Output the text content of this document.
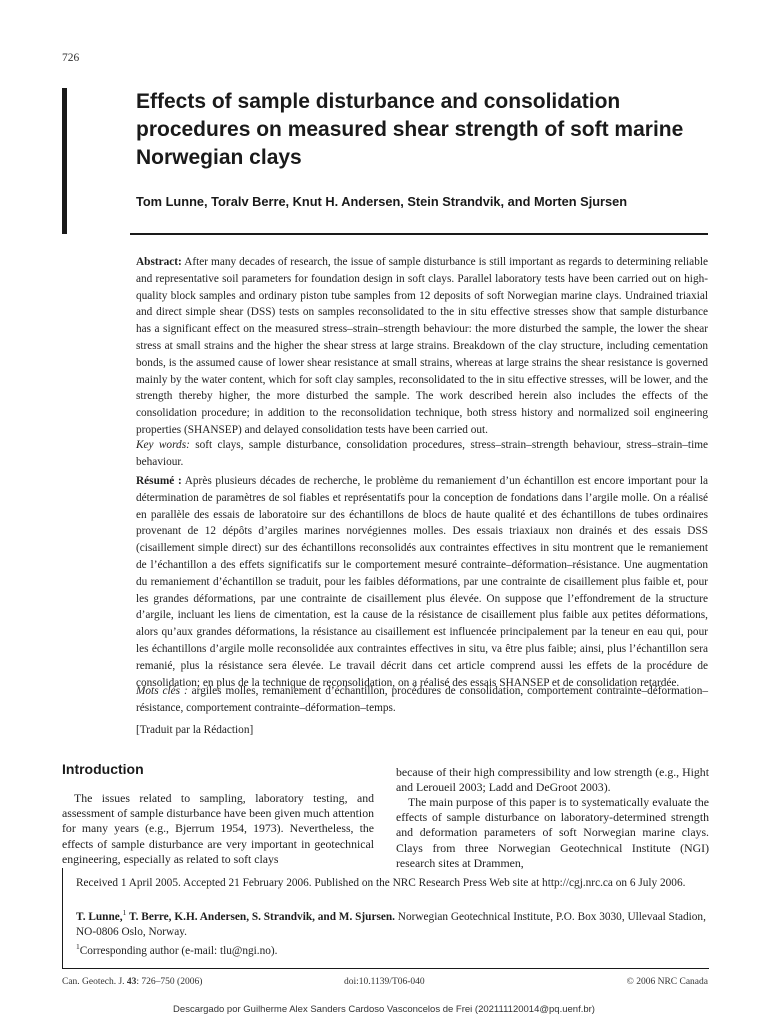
726
Effects of sample disturbance and consolidation procedures on measured shear strength of soft marine Norwegian clays

Tom Lunne, Toralv Berre, Knut H. Andersen, Stein Strandvik, and Morten Sjursen

Abstract: After many decades of research, the issue of sample disturbance is still important as regards to determining reliable and representative soil parameters for foundation design in soft clays. Parallel laboratory tests have been carried out on high-quality block samples and ordinary piston tube samples from 12 deposits of soft Norwegian marine clays. Undrained triaxial and direct simple shear (DSS) tests on samples reconsolidated to the in situ effective stresses show that sample disturbance has a significant effect on the measured stress–strain–strength behaviour: the more disturbed the sample, the lower the shear stress at small strains and the higher the shear stress at large strains. Breakdown of the clay structure, including cementation bonds, is the assumed cause of lower shear resistance at small strains, whereas at large strains the shear resistance is governed mainly by the water content, which for soft clay samples, reconsolidated to the in situ effective stresses, will be lower, and the strength thereby higher, the more disturbed the sample. The work described herein also includes the effects of the consolidation procedure; in addition to the reconsolidation technique, both stress history and normalized soil engineering properties (SHANSEP) and delayed consolidation tests have been carried out.

Key words: soft clays, sample disturbance, consolidation procedures, stress–strain–strength behaviour, stress–strain–time behaviour.

Résumé : Après plusieurs décades de recherche, le problème du remaniement d’un échantillon est encore important pour la détermination de paramètres de sol fiables et représentatifs pour la conception de fondations dans l’argile molle. On a réalisé en parallèle des essais de laboratoire sur des échantillons de blocs de haute qualité et des échantillons de tubes ordinaires provenant de 12 dépôts d’argiles marines norvégiennes molles. Des essais triaxiaux non drainés et des essais DSS (cisaillement simple direct) sur des échantillons reconsolidés aux contraintes effectives in situ montrent que le remaniement de l’échantillon a des effets significatifs sur le comportement mesuré contrainte–déformation–résistance. Une augmentation du remaniement d’échantillon se traduit, pour les faibles déformations, par une contrainte de cisaillement plus faible et, pour les grandes déformations, par une contrainte de cisaillement plus élevée. On suppose que l’effondrement de la structure d’argile, incluant les liens de cimentation, est la cause de la résistance de cisaillement plus faible aux petites déformations, alors qu’aux grandes déformations, la résistance au cisaillement est influencée principalement par la teneur en eau qui, pour les échantillons d’argile molle reconsolidée aux contraintes effectives in situ, va être plus faible; ainsi, plus l’échantillon sera remanié, plus la résistance sera élevée. Le travail décrit dans cet article comprend aussi les effets de la procédure de consolidation; en plus de la technique de reconsolidation, on a réalisé des essais SHANSEP et de consolidation retardée.

Mots clés : argiles molles, remaniement d’échantillon, procédures de consolidation, comportement contrainte–déformation–résistance, comportement contrainte–déformation–temps.

[Traduit par la Rédaction]

Introduction

The issues related to sampling, laboratory testing, and assessment of sample disturbance have been given much attention for many years (e.g., Bjerrum 1954, 1973). Nevertheless, the effects of sample disturbance are very important in geotechnical engineering, especially as related to soft clays

because of their high compressibility and low strength (e.g., Hight and Leroueil 2003; Ladd and DeGroot 2003).

The main purpose of this paper is to systematically evaluate the effects of sample disturbance on laboratory-determined strength and deformation parameters of soft Norwegian marine clays. Clays from three Norwegian Geotechnical Institute (NGI) research sites at Drammen,

Received 1 April 2005. Accepted 21 February 2006. Published on the NRC Research Press Web site at http://cgj.nrc.ca on 6 July 2006.

T. Lunne,$^1$ T. Berre, K.H. Andersen, S. Strandvik, and M. Sjursen. Norwegian Geotechnical Institute, P.O. Box 3030, Ullevaal Stadion, NO-0806 Oslo, Norway.

$^1$Corresponding author (e-mail: tlu@ngi.no).

Can. Geotech. J. 43: 726–750 (2006)	doi:10.1139/T06-040	© 2006 NRC Canada
Descargado por Guilherme Alex Sanders Cardoso Vasconcelos de Frei (202111120014@pq.uenf.br)
